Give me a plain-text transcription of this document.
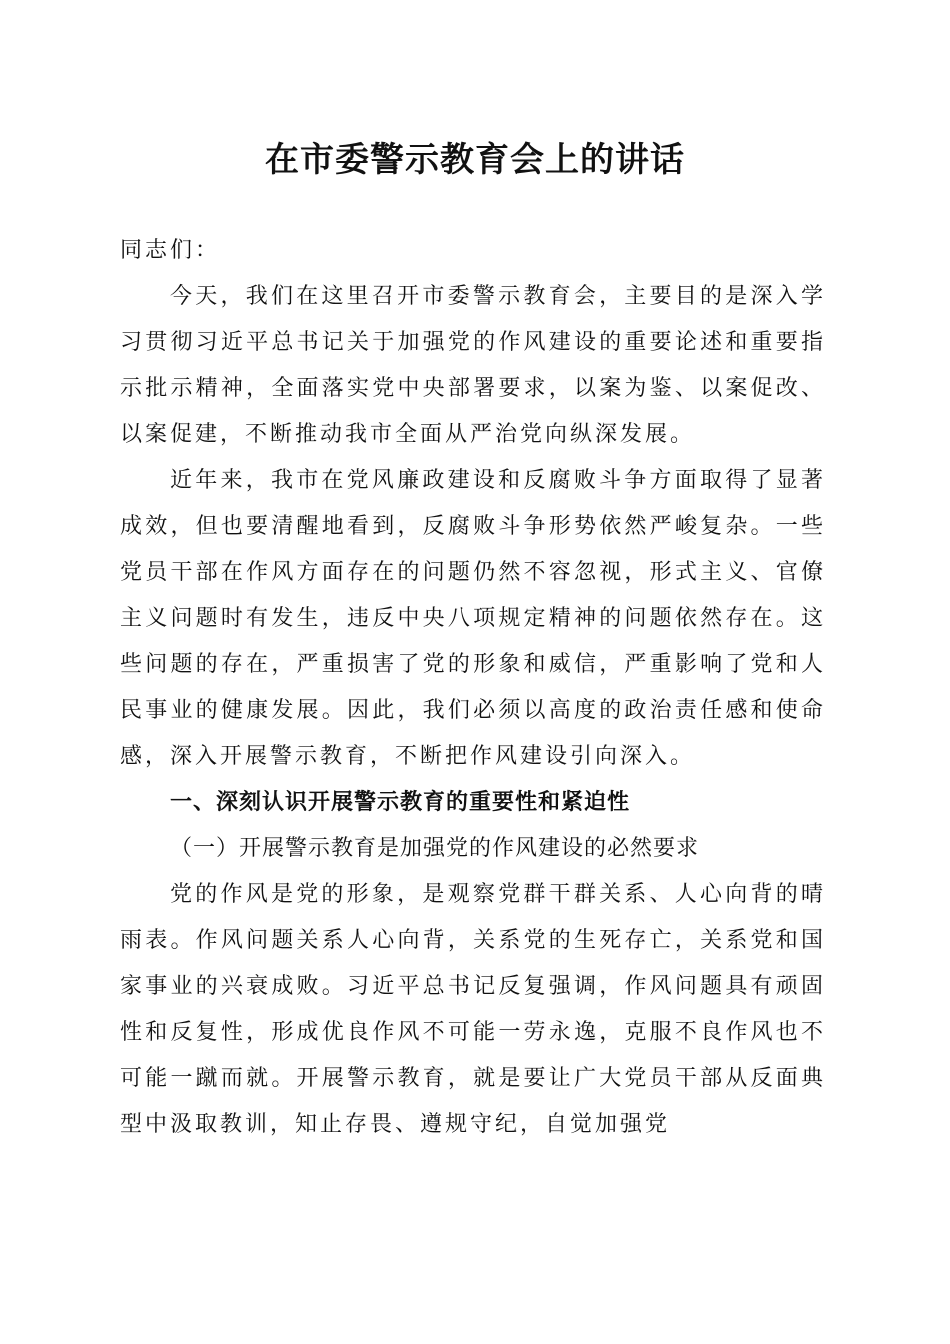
在市委警示教育会上的讲话

同志们：

今天，我们在这里召开市委警示教育会，主要目的是深入学习贯彻习近平总书记关于加强党的作风建设的重要论述和重要指示批示精神，全面落实党中央部署要求，以案为鉴、以案促改、以案促建，不断推动我市全面从严治党向纵深发展。

近年来，我市在党风廉政建设和反腐败斗争方面取得了显著成效，但也要清醒地看到，反腐败斗争形势依然严峻复杂。一些党员干部在作风方面存在的问题仍然不容忽视，形式主义、官僚主义问题时有发生，违反中央八项规定精神的问题依然存在。这些问题的存在，严重损害了党的形象和威信，严重影响了党和人民事业的健康发展。因此，我们必须以高度的政治责任感和使命感，深入开展警示教育，不断把作风建设引向深入。

一、深刻认识开展警示教育的重要性和紧迫性

（一）开展警示教育是加强党的作风建设的必然要求

党的作风是党的形象，是观察党群干群关系、人心向背的晴雨表。作风问题关系人心向背，关系党的生死存亡，关系党和国家事业的兴衰成败。习近平总书记反复强调，作风问题具有顽固性和反复性，形成优良作风不可能一劳永逸，克服不良作风也不可能一蹴而就。开展警示教育，就是要让广大党员干部从反面典型中汲取教训，知止存畏、遵规守纪，自觉加强党
